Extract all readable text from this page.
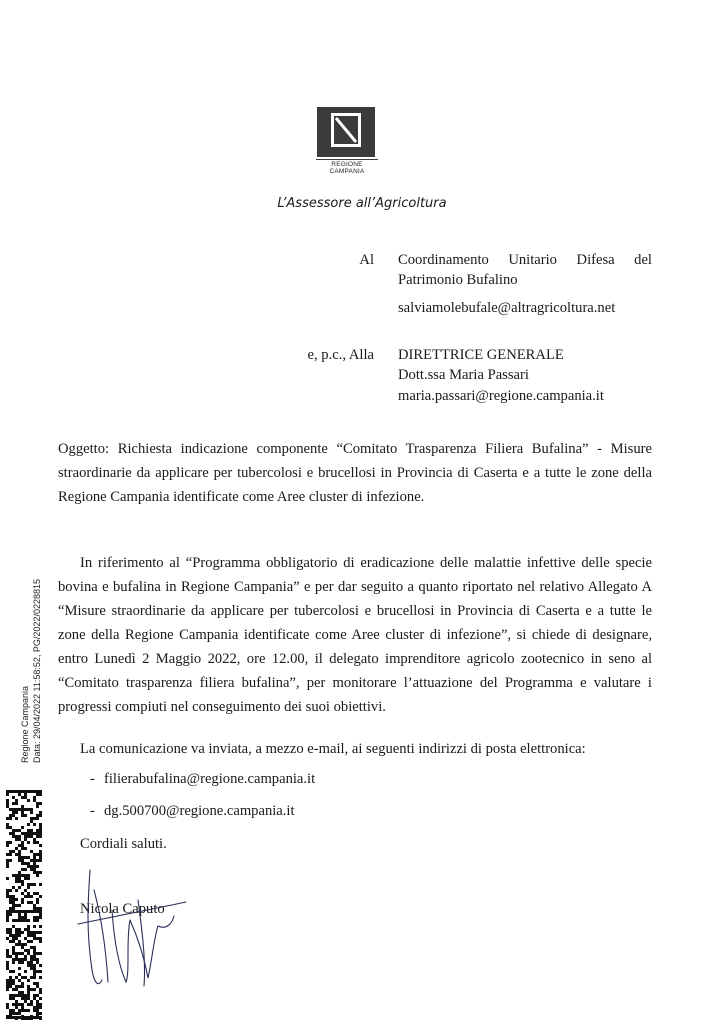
REGIONE CAMPANIA
L’Assessore all’Agricoltura
Al Coordinamento Unitario Difesa del
Patrimonio Bufalino
salviamolebufale@altragricoltura.net
e, p.c., Alla DIRETTRICE GENERALE
Dott.ssa Maria Passari
maria.passari@regione.campania.it
Oggetto: Richiesta indicazione componente “Comitato Trasparenza Filiera Bufalina” - Misure straordinarie da applicare per tubercolosi e brucellosi in Provincia di Caserta e a tutte le zone della Regione Campania identificate come Aree cluster di infezione.
In riferimento al “Programma obbligatorio di eradicazione delle malattie infettive delle specie bovina e bufalina in Regione Campania” e per dar seguito a quanto riportato nel relativo Allegato A “Misure straordinarie da applicare per tubercolosi e brucellosi in Provincia di Caserta e a tutte le zone della Regione Campania identificate come Aree cluster di infezione”, si chiede di designare, entro Lunedì 2 Maggio 2022, ore 12.00, il delegato imprenditore agricolo zootecnico in seno al “Comitato trasparenza filiera bufalina”, per monitorare l’attuazione del Programma e valutare i progressi compiuti nel conseguimento dei suoi obiettivi.
La comunicazione va inviata, a mezzo e-mail, ai seguenti indirizzi di posta elettronica:
- filierabufalina@regione.campania.it
- dg.500700@regione.campania.it
Cordiali saluti.
Nicola Caputo
Regione Campania Data: 29/04/2022 11:58:52, PG/2022/0228815
